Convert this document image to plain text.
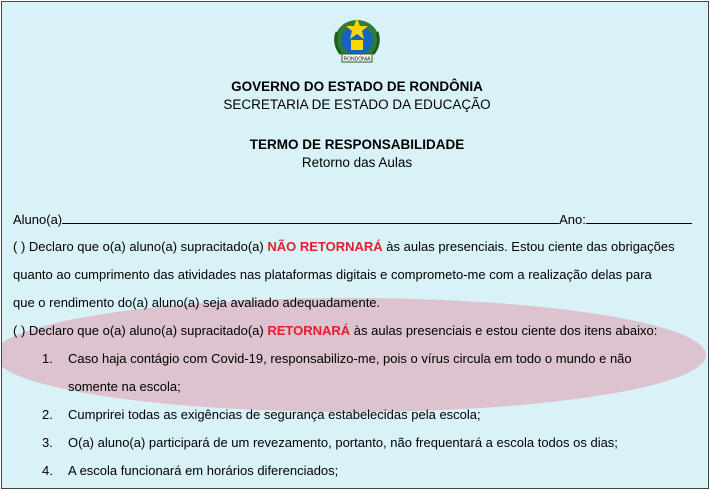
RONDÔNIA
GOVERNO DO ESTADO DE RONDÔNIA
SECRETARIA DE ESTADO DA EDUCAÇÃO
TERMO DE RESPONSABILIDADE
Retorno das Aulas
Aluno(a)	Ano:
( ) Declaro que o(a) aluno(a) supracitado(a) NÃO RETORNARÁ às aulas presenciais. Estou ciente das obrigações
quanto ao cumprimento das atividades nas plataformas digitais e comprometo-me com a realização delas para
que o rendimento do(a) aluno(a) seja avaliado adequadamente.
( ) Declaro que o(a) aluno(a) supracitado(a) RETORNARÁ às aulas presenciais e estou ciente dos itens abaixo:
1. Caso haja contágio com Covid-19, responsabilizo-me, pois o vírus circula em todo o mundo e não
somente na escola;
2. Cumprirei todas as exigências de segurança estabelecidas pela escola;
3. O(a) aluno(a) participará de um revezamento, portanto, não frequentará a escola todos os dias;
4. A escola funcionará em horários diferenciados;
